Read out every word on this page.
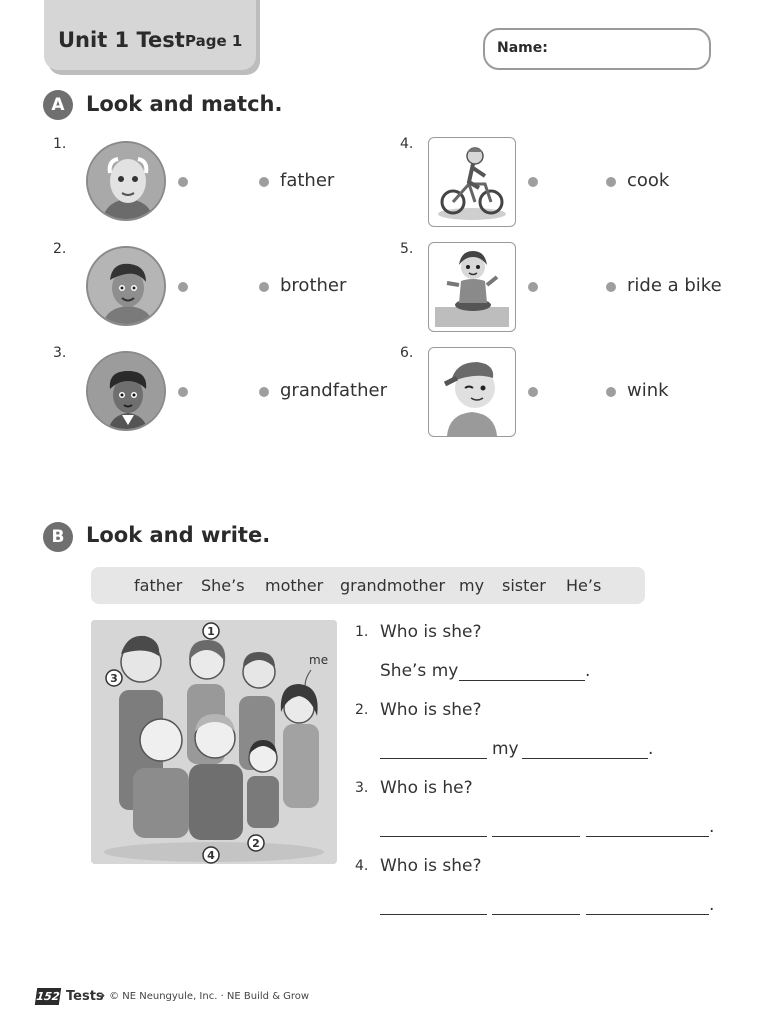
Unit 1 Test Page 1	Name:
A	Look and match.
1.
father
2.
brother
3.
grandfather
4.
cook
5.
ride a bike
6.
wink
B	Look and write.
father She’s mother grandmother my sister He’s
1
2
3
4
me
1. Who is she?
She’s my	.
2. Who is she?
my	.
3. Who is he?
.
4. Who is she?
.
152 Tests
• © NE Neungyule, Inc. · NE Build & Grow
